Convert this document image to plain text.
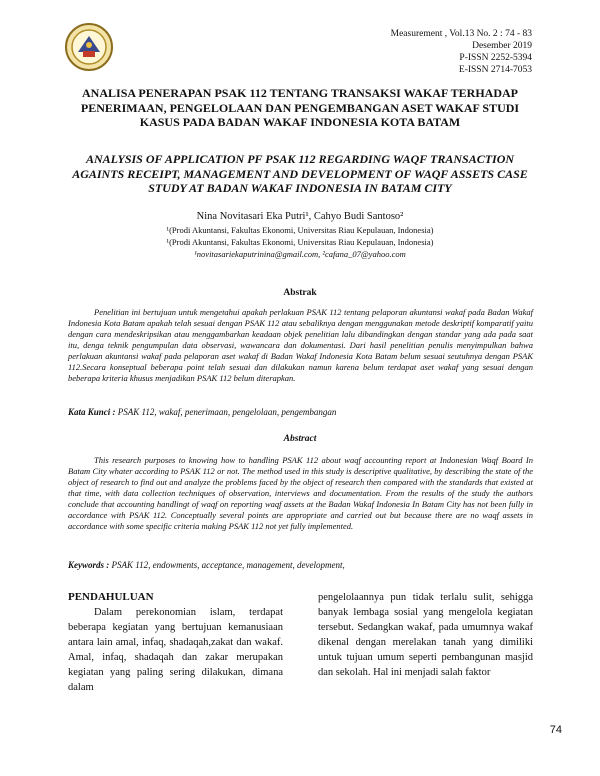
Measurement , Vol.13 No. 2 : 74 - 83
Desember 2019
P-ISSN 2252-5394
E-ISSN 2714-7053
ANALISA PENERAPAN PSAK 112 TENTANG TRANSAKSI WAKAF TERHADAP PENERIMAAN, PENGELOLAAN DAN PENGEMBANGAN ASET WAKAF STUDI KASUS PADA BADAN WAKAF INDONESIA KOTA BATAM
ANALYSIS OF APPLICATION PF PSAK 112 REGARDING WAQF TRANSACTION AGAINTS RECEIPT, MANAGEMENT AND DEVELOPMENT OF WAQF ASSETS CASE STUDY AT BADAN WAKAF INDONESIA IN BATAM CITY
Nina Novitasari Eka Putri¹, Cahyo Budi Santoso²
¹(Prodi Akuntansi, Fakultas Ekonomi, Universitas Riau Kepulauan, Indonesia)
¹(Prodi Akuntansi, Fakultas Ekonomi, Universitas Riau Kepulauan, Indonesia)
¹novitasariekaputrinina@gmail.com, ²cafana_07@yahoo.com
Abstrak
Penelitian ini bertujuan untuk mengetahui apakah perlakuan PSAK 112 tentang pelaporan akuntansi wakaf pada Badan Wakaf Indonesia Kota Batam apakah telah sesuai dengan PSAK 112 atau sebaliknya dengan menggunakan metode deskriptif komparatif yaitu dengan cara mendeskripsikan atau menggambarkan keadaan objek penelitian lalu dibandingkan dengan standar yang ada pada saat itu, denga teknik pengumpulan data observasi, wawancara dan dokumentasi. Dari hasil penelitian penulis menyimpulkan bahwa perlakuan akuntansi wakaf pada pelaporan aset wakaf di Badan Wakaf Indonesia Kota Batam belum sesuai seutuhnya dengan PSAK 112.Secara konseptual beberapa point telah sesuai dan dilakukan namun karena belum terdapat aset wakaf yang sesuai dengan beberapa kriteria khusus menjadikan PSAK 112 belum diterapkan.
Kata Kunci : PSAK 112, wakaf, penerimaan, pengelolaan, pengembangan
Abstract
This research purposes to knowing how to handling PSAK 112 about waqf accounting report at Indonesian Waqf Board In Batam City whater according to PSAK 112 or not. The method used in this study is descriptive qualitative, by describing the state of the object of research to find out and analyze the problems faced by the object of research then compared with the standards that existed at that time, with data collection techniques of observation, interviews and documentation. From the results of the study the authors conclude that accounting handlingt of waqf on reporting waqf assets at the Badan Wakaf Indonesia In Batam City has not been fully in accordance with PSAK 112. Conceptually several points are appropriate and carried out but because there are no waqf assets in accordance with some specific criteria making PSAK 112 not yet fully implemented.
Keywords : PSAK 112, endowments, acceptance, management, development,
PENDAHULUAN
Dalam perekonomian islam, terdapat beberapa kegiatan yang bertujuan kemanusiaan antara lain amal, infaq, shadaqah,zakat dan wakaf. Amal, infaq, shadaqah dan zakar merupakan kegiatan yang paling sering dilakukan, dimana dalam
pengelolaannya pun tidak terlalu sulit, sehigga banyak lembaga sosial yang mengelola kegiatan tersebut. Sedangkan wakaf, pada umumnya wakaf dikenal dengan merelakan tanah yang dimiliki untuk tujuan umum seperti pembangunan masjid dan sekolah. Hal ini menjadi salah faktor
74
